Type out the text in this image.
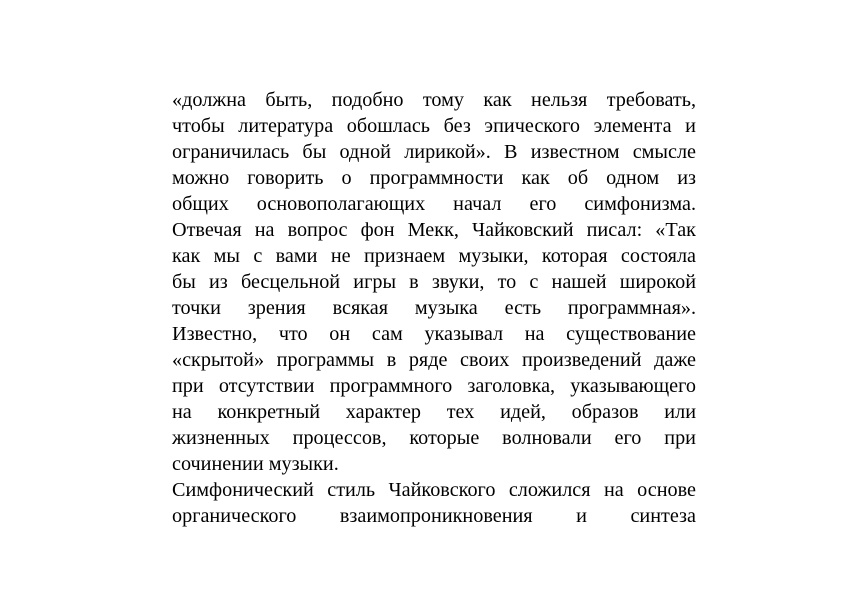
«должна быть, подобно тому как нельзя требовать,
чтобы литература обошлась без эпического элемента и
ограничилась бы одной лирикой». В известном смысле
можно говорить о программности как об одном из
общих основополагающих начал его симфонизма.
Отвечая на вопрос фон Мекк, Чайковский писал: «Так
как мы с вами не признаем музыки, которая состояла
бы из бесцельной игры в звуки, то с нашей широкой
точки зрения всякая музыка есть программная».
Известно, что он сам указывал на существование
«скрытой» программы в ряде своих произведений даже
при отсутствии программного заголовка, указывающего
на конкретный характер тех идей, образов или
жизненных процессов, которые волновали его при
сочинении музыки.
Симфонический стиль Чайковского сложился на основе
органического взаимопроникновения и синтеза
